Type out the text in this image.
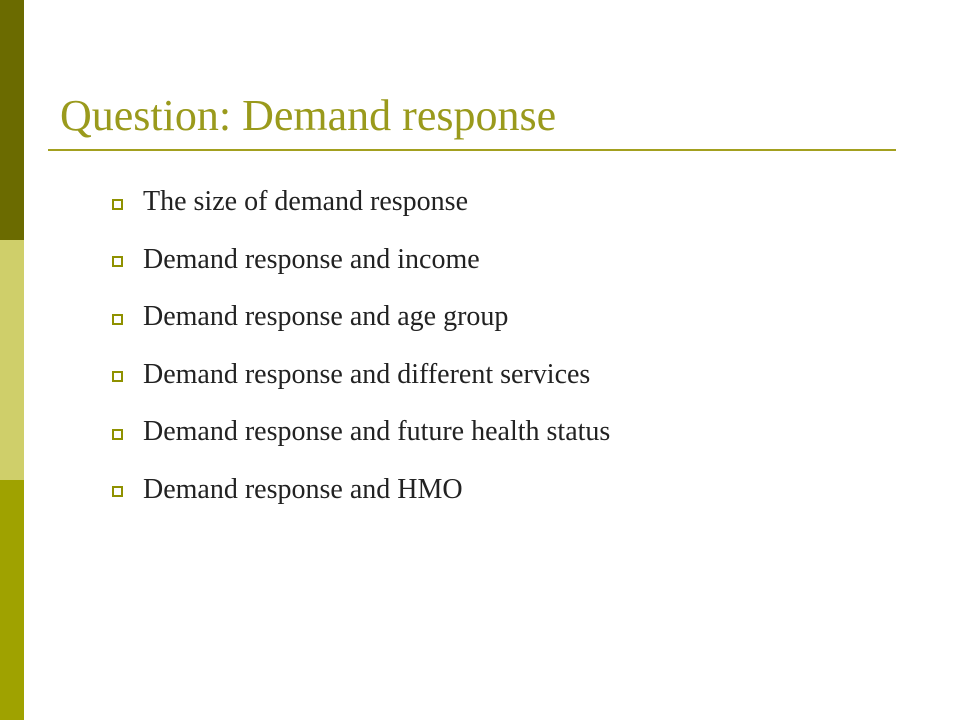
Question: Demand response
The size of demand response
Demand response and income
Demand response and age group
Demand response and different services
Demand response and future health status
Demand response and HMO
